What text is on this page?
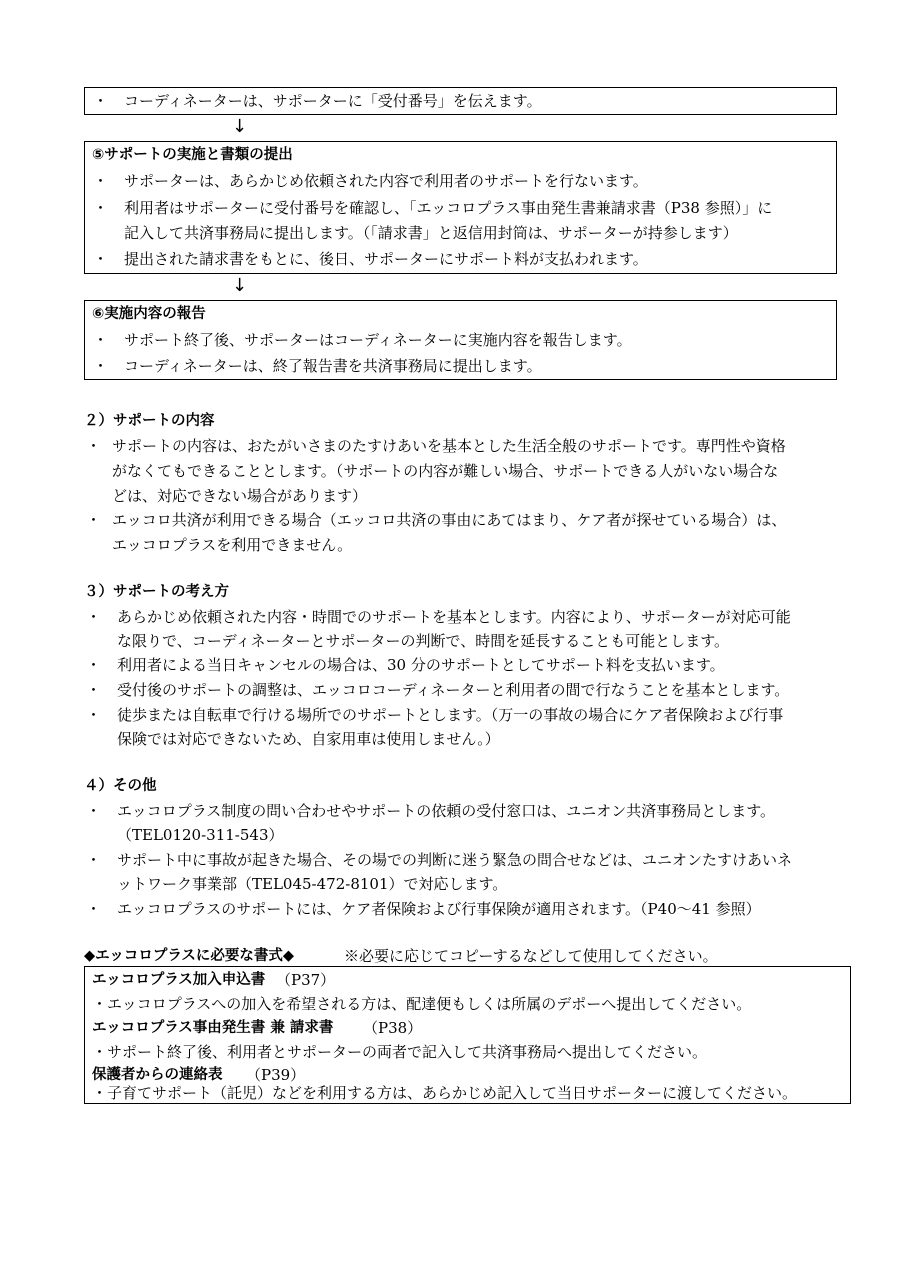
・ コーディネーターは、サポーターに「受付番号」を伝えます。
↓
⑤サポートの実施と書類の提出
・ サポーターは、あらかじめ依頼された内容で利用者のサポートを行ないます。
・ 利用者はサポーターに受付番号を確認し、「エッコロプラス事由発生書兼請求書（P38 参照）」に
記入して共済事務局に提出します。（「請求書」と返信用封筒は、サポーターが持参します）
・ 提出された請求書をもとに、後日、サポーターにサポート料が支払われます。
↓
⑥実施内容の報告
・ サポート終了後、サポーターはコーディネーターに実施内容を報告します。
・ コーディネーターは、終了報告書を共済事務局に提出します。
２）サポートの内容
・ サポートの内容は、おたがいさまのたすけあいを基本とした生活全般のサポートです。専門性や資格
がなくてもできることとします。（サポートの内容が難しい場合、サポートできる人がいない場合な
どは、対応できない場合があります）
・ エッコロ共済が利用できる場合（エッコロ共済の事由にあてはまり、ケア者が探せている場合）は、
エッコロプラスを利用できません。
３）サポートの考え方
・ あらかじめ依頼された内容・時間でのサポートを基本とします。内容により、サポーターが対応可能
な限りで、コーディネーターとサポーターの判断で、時間を延長することも可能とします。
・ 利用者による当日キャンセルの場合は、30 分のサポートとしてサポート料を支払います。
・ 受付後のサポートの調整は、エッコロコーディネーターと利用者の間で行なうことを基本とします。
・ 徒歩または自転車で行ける場所でのサポートとします。（万一の事故の場合にケア者保険および行事
保険では対応できないため、自家用車は使用しません。）
４）その他
・ エッコロプラス制度の問い合わせやサポートの依頼の受付窓口は、ユニオン共済事務局とします。
（TEL0120-311-543）
・ サポート中に事故が起きた場合、その場での判断に迷う緊急の問合せなどは、ユニオンたすけあいネ
ットワーク事業部（TEL045-472-8101）で対応します。
・ エッコロプラスのサポートには、ケア者保険および行事保険が適用されます。（P40～41 参照）
◆エッコロプラスに必要な書式◆	※必要に応じてコピーするなどして使用してください。
エッコロプラス加入申込書 （P37）
・エッコロプラスへの加入を希望される方は、配達便もしくは所属のデポーへ提出してください。
エッコロプラス事由発生書 兼 請求書 （P38）
・サポート終了後、利用者とサポーターの両者で記入して共済事務局へ提出してください。
保護者からの連絡表 （P39）
・子育てサポート（託児）などを利用する方は、あらかじめ記入して当日サポーターに渡してください。
